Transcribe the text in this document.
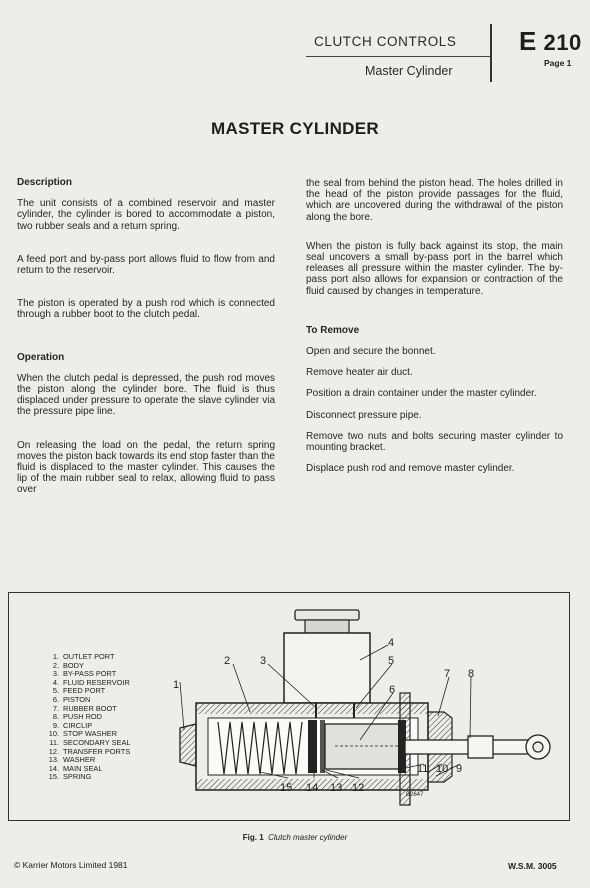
CLUTCH CONTROLS
Master Cylinder
E 210
Page 1
MASTER CYLINDER
Description

The unit consists of a combined reservoir and master cylinder, the cylinder is bored to accommodate a piston, two rubber seals and a return spring.

A feed port and by-pass port allows fluid to flow from and return to the reservoir.

The piston is operated by a push rod which is connected through a rubber boot to the clutch pedal.

Operation

When the clutch pedal is depressed, the push rod moves the piston along the cylinder bore. The fluid is thus displaced under pressure to operate the slave cylinder via the pressure pipe line.

On releasing the load on the pedal, the return spring moves the piston back towards its end stop faster than the fluid is displaced to the master cylinder. This causes the lip of the main rubber seal to relax, allowing fluid to pass over

the seal from behind the piston head. The holes drilled in the head of the piston provide passages for the fluid, which are uncovered during the withdrawal of the piston along the bore.

When the piston is fully back against its stop, the main seal uncovers a small by-pass port in the barrel which releases all pressure within the master cylinder. The by-pass port also allows for expansion or contraction of the fluid caused by changes in temperature.

To Remove

Open and secure the bonnet.

Remove heater air duct.

Position a drain container under the master cylinder.

Disconnect pressure pipe.

Remove two nuts and bolts securing master cylinder to mounting bracket.

Displace push rod and remove master cylinder.

1. OUTLET PORT
2. BODY
3. BY-PASS PORT
4. FLUID RESERVOIR
5. FEED PORT
6. PISTON
7. RUBBER BOOT
8. PUSH ROD
9. CIRCLIP
10. STOP WASHER
11. SECONDARY SEAL
12. TRANSFER PORTS
13. WASHER
14. MAIN SEAL
15. SPRING
1
2	3
4
5
6
7 8
9
10
11
12
13
14
15
B2647
Fig. 1 Clutch master cylinder
© Karrier Motors Limited 1981	W.S.M. 3005
